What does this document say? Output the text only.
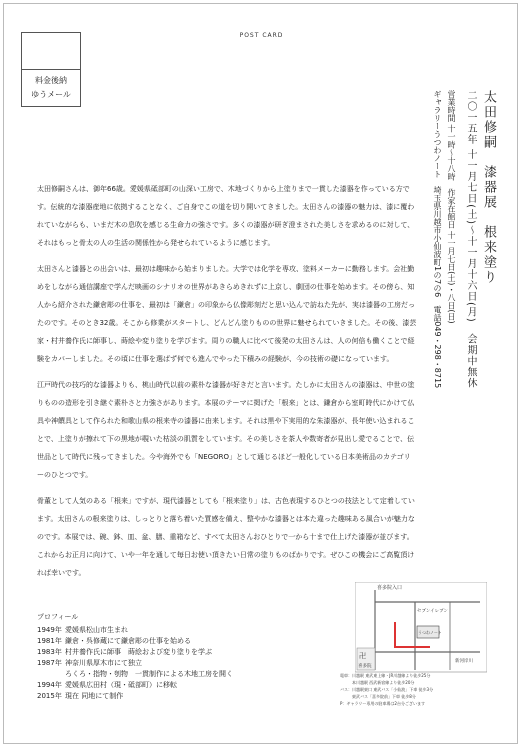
POST CARD
料金後納
ゆうメール	太田修嗣　漆器展　根来塗り
二〇一五年 十一月七日(土)～十一月十六日(月)　会期中無休
営業時間 十一時～十八時　作家在館日 十一月七日(土)・八日(日)
ギャラリーうつわノート　埼玉県川越市小仙波町1の7の6　電話049・298・8715

太田修嗣さんは、御年66歳。愛媛県砥部町の山深い工房で、木地づくりから上塗りまで一貫した漆器を作っている方です。伝統的な漆器産地に依拠することなく、ご自身でこの道を切り開いてきました。太田さんの漆器の魅力は、漆に覆われていながらも、いまだ木の息吹を感じる生命力の強さです。多くの漆器が研ぎ澄まされた美しさを求めるのに対して、それはもっと骨太の人の生活の関係性から発せられているように感じます。

太田さんと漆器との出会いは、最初は趣味から始まりました。大学では化学を専攻、塗料メーカーに勤務します。会社勤めをしながら通信講座で学んだ映画のシナリオの世界があきらめきれずに上京し、劇団の仕事を始めます。その傍ら、知人から紹介された鎌倉彫の仕事を、最初は「鎌倉」の印象から仏像彫刻だと思い込んで訪ねた先が、実は漆器の工房だったのです。そのとき32歳。そこから修業がスタートし、どんどん塗りものの世界に魅せられていきました。その後、漆芸家・村井養作氏に師事し、蒔絵や変り塗りを学びます。周りの職人に比べて後発の太田さんは、人の何倍も働くことで経験をカバーしました。その頃に仕事を選ばず何でも進んでやった下積みの経験が、今の技術の礎になっています。

江戸時代の技巧的な漆器よりも、桃山時代以前の素朴な漆器が好きだと言います。たしかに太田さんの漆器は、中世の塗りものの造形を引き継ぐ素朴さと力強さがあります。本展のテーマに掲げた「根来」とは、鎌倉から室町時代にかけて仏具や神饌具として作られた和歌山県の根来寺の漆器に由来します。それは黒や下実用的な朱漆器が、長年使い込まれることで、上塗りが擦れて下の黒地が覗いた枯淡の肌質をしています。その美しさを茶人や数寄者が見出し愛でることで、伝世品として時代に残ってきました。今や海外でも「NEGORO」として通じるほど一般化している日本美術品のカテゴリーのひとつです。

骨董として人気のある「根来」ですが、現代漆器としても「根来塗り」は、古色表現するひとつの技法として定着しています。太田さんの根来塗りは、しっとりと落ち着いた質感を備え、整やかな漆器とは本た違った趣味ある風合いが魅力なのです。本展では、碗、鉢、皿、盆、膳、重箱など、すべて太田さんおひとりで一から十まで仕上げた漆器が並びます。これからお正月に向けて、いや一年を通して毎日お使い頂きたい日常の塗りものばかりです。ぜひこの機会にご高覧頂ければ幸いです。

プロフィール
1949年	愛媛県松山市生まれ
1981年	鎌倉・呉修蔵にて鎌倉彫の仕事を始める
1983年	村井養作氏に師事　蒔絵および変り塗りを学ぶ
1987年	神奈川県厚木市にて独立
	ろくろ・指物・刳物　一貫制作による木地工房を開く
1994年	愛媛県広田村（現・砥部町）に移転
2015年	現在 同地にて制作
喜多院入口
セブンイレブン
うつわノート
新河岸川
卍
喜多院
電車：川越駅 東武東上線・JR川越線より徒歩25分
　　　本川越駅 西武新宿線より徒歩20分
バス：川越駅東口 東武バス「小仙波」下車 徒歩3分
　　　東武バス「喜多院前」下車 徒歩8分
P：ギャラリー専用の駐車場は2台分ございます
